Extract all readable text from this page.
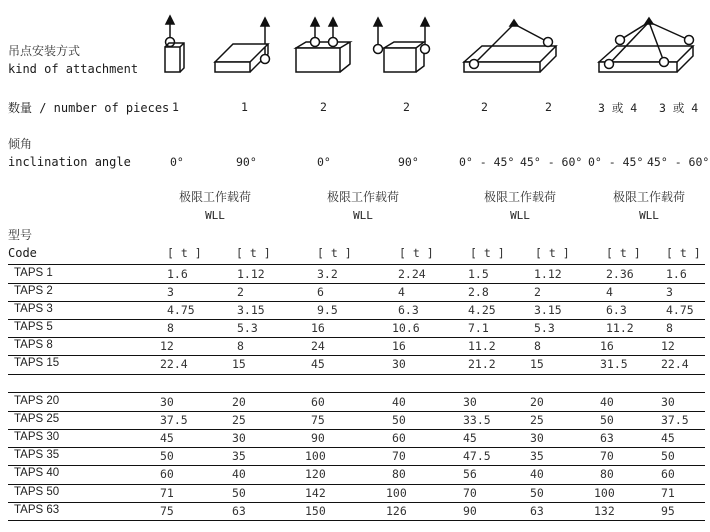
吊点安装方式
kind of attachment
数量 / number of pieces 1	1	2	2	2	2	3 或 4 3 或 4
倾角
inclination angle	0°	90°	0°	90°	0° - 45° 45° - 60° 0° - 45° 45° - 60°
极限工作载荷
WLL
极限工作载荷
WLL
极限工作载荷
WLL
极限工作载荷
WLL
型号
Code	[ t ]	[ t ]	[ t ]	[ t ]	[ t ]	[ t ]	[ t ] [ t ]
TAPS 1	1.6	1.12	3.2	2.24	1.5	1.12	2.36	1.6
TAPS 2	3	2	6	4	2.8	2	4	3
TAPS 3	4.75	3.15	9.5	6.3	4.25	3.15	6.3	4.75
TAPS 5	8	5.3	16	10.6	7.1	5.3	11.2	8
TAPS 8	12	8	24	16	11.2	8	16	12
TAPS 15	22.4	15	45	30	21.2	15	31.5	22.4
TAPS 20	30	20	60	40	30	20	40	30
TAPS 25	37.5	25	75	50	33.5	25	50	37.5
TAPS 30	45	30	90	60	45	30	63	45
TAPS 35	50	35	100	70	47.5	35	70	50
TAPS 40	60	40	120	80	56	40	80	60
TAPS 50	71	50	142	100	70	50	100	71
TAPS 63	75	63	150	126	90	63	132	95
